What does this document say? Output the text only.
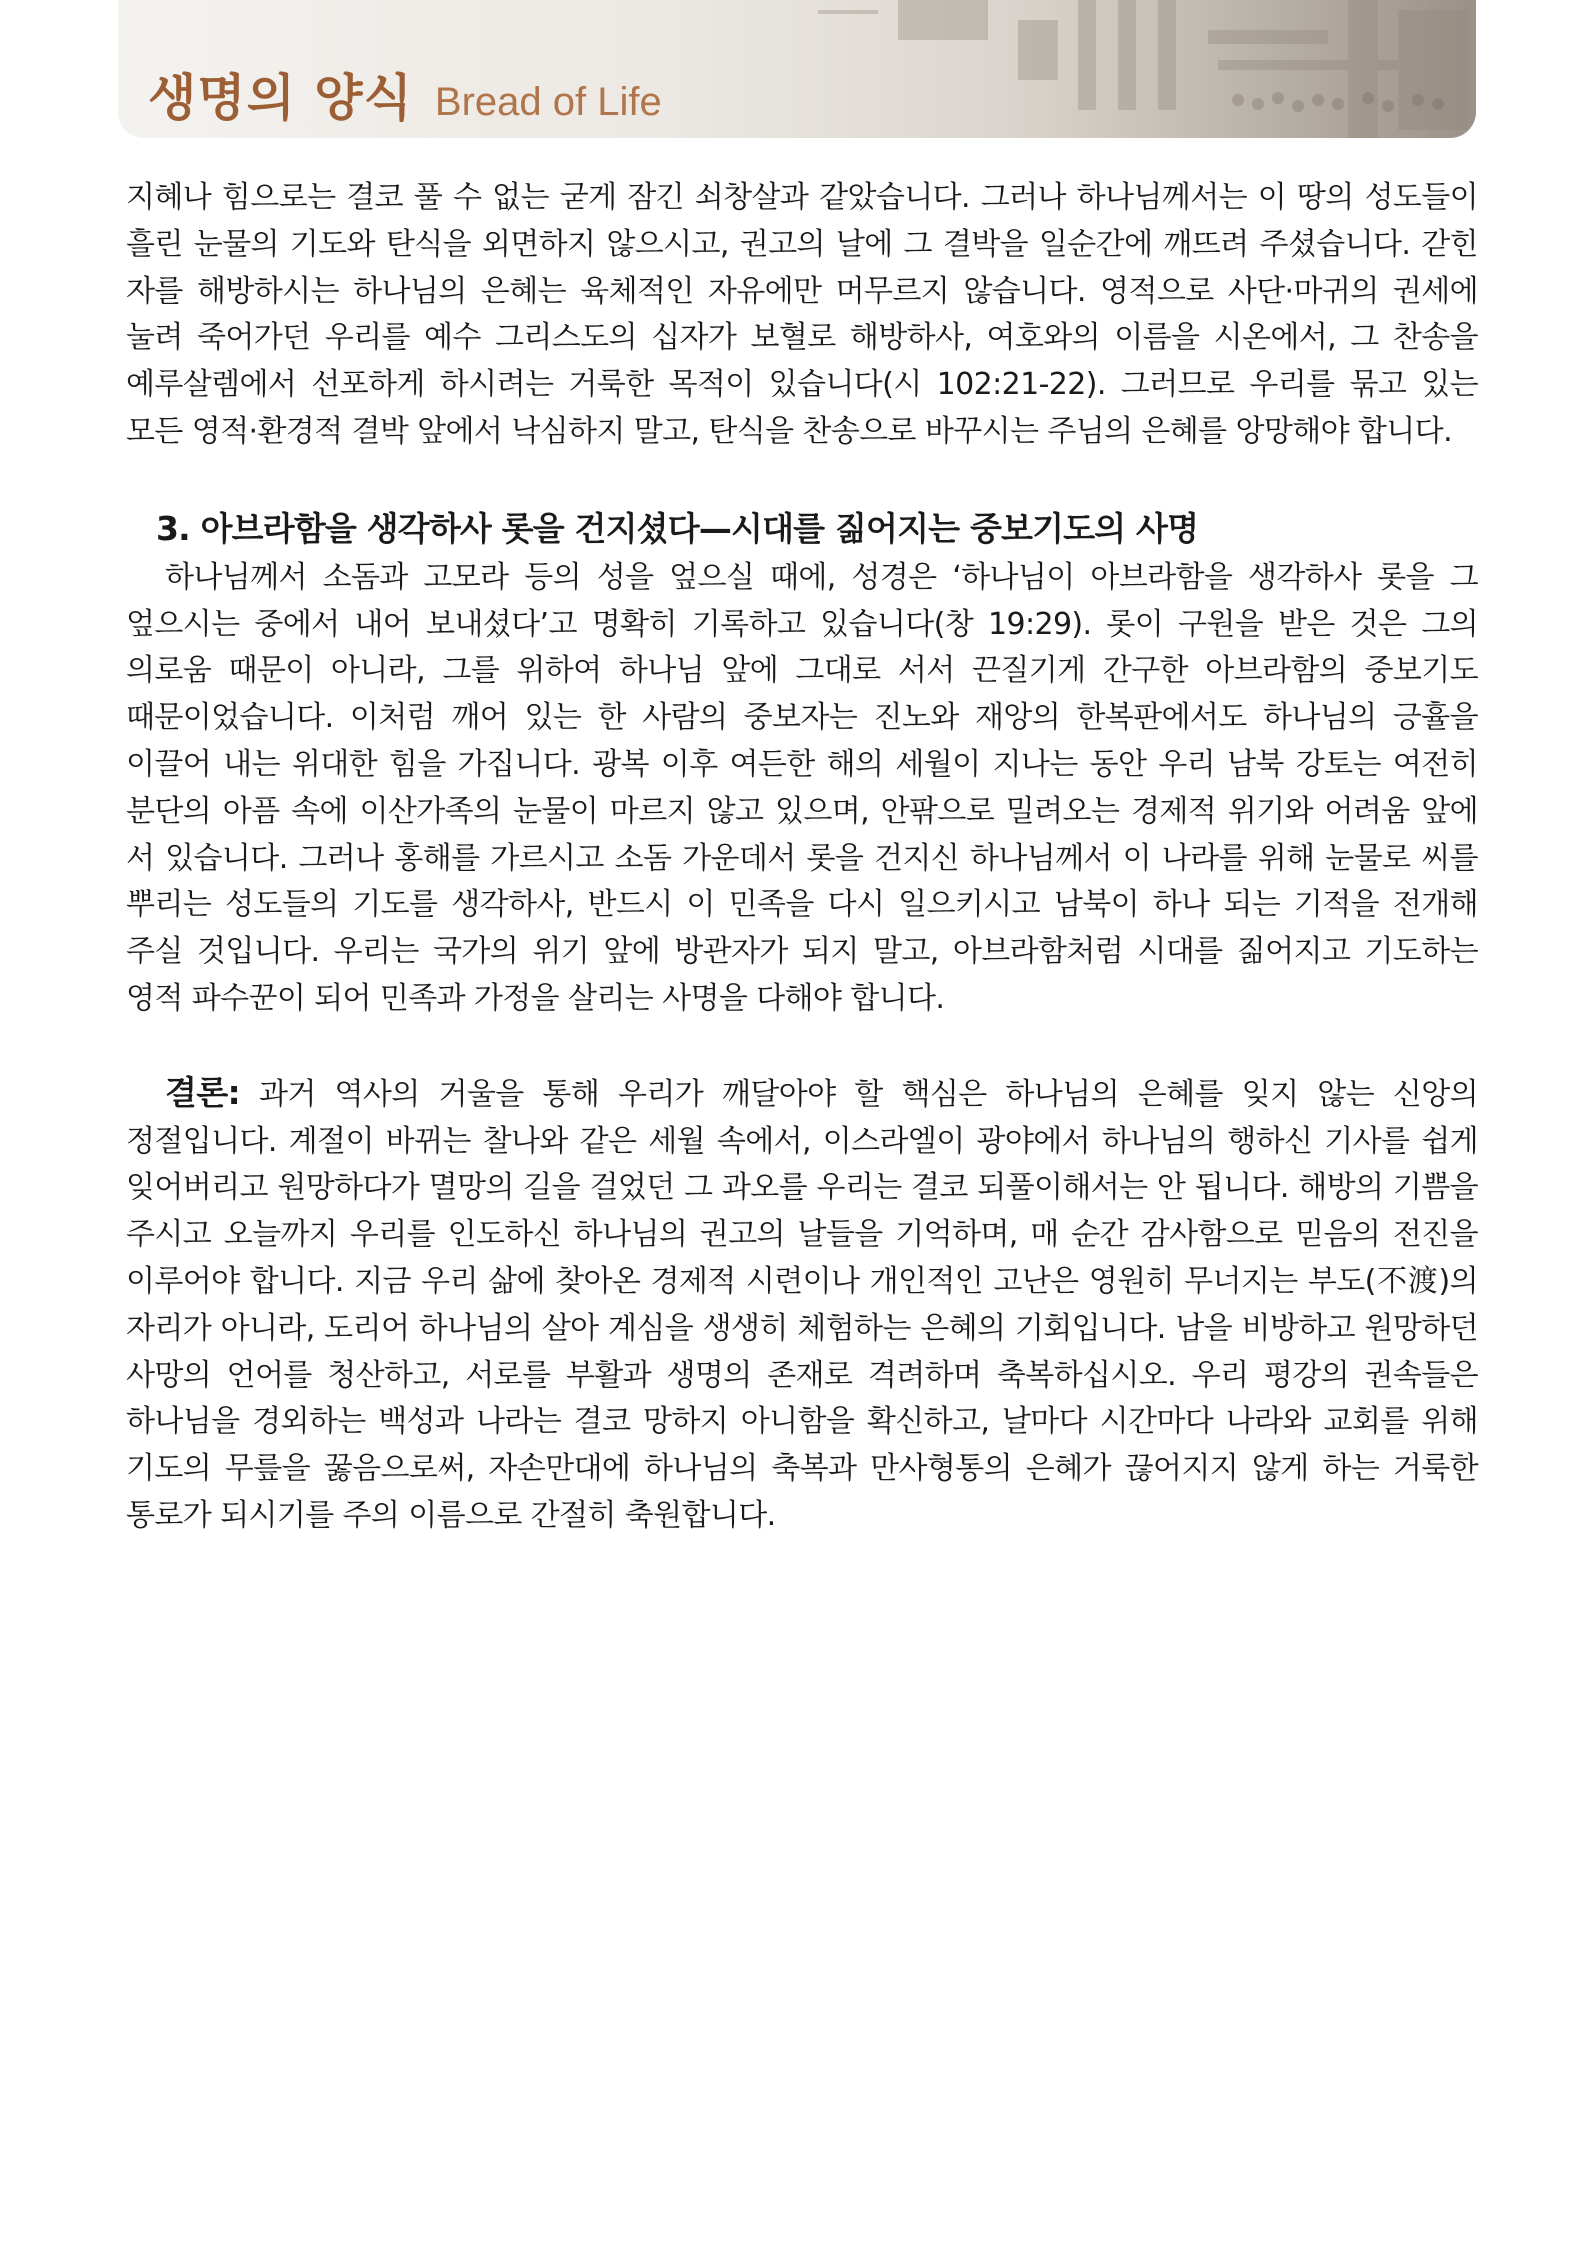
생명의 양식 Bread of Life

지혜나 힘으로는 결코 풀 수 없는 굳게 잠긴 쇠창살과 같았습니다. 그러나 하나님께서는 이 땅의 성도들이 흘린 눈물의 기도와 탄식을 외면하지 않으시고, 권고의 날에 그 결박을 일순간에 깨뜨려 주셨습니다. 갇힌 자를 해방하시는 하나님의 은혜는 육체적인 자유에만 머무르지 않습니다. 영적으로 사단·마귀의 권세에 눌려 죽어가던 우리를 예수 그리스도의 십자가 보혈로 해방하사, 여호와의 이름을 시온에서, 그 찬송을 예루살렘에서 선포하게 하시려는 거룩한 목적이 있습니다(시 102:21-22). 그러므로 우리를 묶고 있는 모든 영적·환경적 결박 앞에서 낙심하지 말고, 탄식을 찬송으로 바꾸시는 주님의 은혜를 앙망해야 합니다.

3. 아브라함을 생각하사 롯을 건지셨다—시대를 짊어지는 중보기도의 사명

하나님께서 소돔과 고모라 등의 성을 엎으실 때에, 성경은 ‘하나님이 아브라함을 생각하사 롯을 그 엎으시는 중에서 내어 보내셨다’고 명확히 기록하고 있습니다(창 19:29). 롯이 구원을 받은 것은 그의 의로움 때문이 아니라, 그를 위하여 하나님 앞에 그대로 서서 끈질기게 간구한 아브라함의 중보기도 때문이었습니다. 이처럼 깨어 있는 한 사람의 중보자는 진노와 재앙의 한복판에서도 하나님의 긍휼을 이끌어 내는 위대한 힘을 가집니다. 광복 이후 여든한 해의 세월이 지나는 동안 우리 남북 강토는 여전히 분단의 아픔 속에 이산가족의 눈물이 마르지 않고 있으며, 안팎으로 밀려오는 경제적 위기와 어려움 앞에 서 있습니다. 그러나 홍해를 가르시고 소돔 가운데서 롯을 건지신 하나님께서 이 나라를 위해 눈물로 씨를 뿌리는 성도들의 기도를 생각하사, 반드시 이 민족을 다시 일으키시고 남북이 하나 되는 기적을 전개해 주실 것입니다. 우리는 국가의 위기 앞에 방관자가 되지 말고, 아브라함처럼 시대를 짊어지고 기도하는 영적 파수꾼이 되어 민족과 가정을 살리는 사명을 다해야 합니다.

결론: 과거 역사의 거울을 통해 우리가 깨달아야 할 핵심은 하나님의 은혜를 잊지 않는 신앙의 정절입니다. 계절이 바뀌는 찰나와 같은 세월 속에서, 이스라엘이 광야에서 하나님의 행하신 기사를 쉽게 잊어버리고 원망하다가 멸망의 길을 걸었던 그 과오를 우리는 결코 되풀이해서는 안 됩니다. 해방의 기쁨을 주시고 오늘까지 우리를 인도하신 하나님의 권고의 날들을 기억하며, 매 순간 감사함으로 믿음의 전진을 이루어야 합니다. 지금 우리 삶에 찾아온 경제적 시련이나 개인적인 고난은 영원히 무너지는 부도(不渡)의 자리가 아니라, 도리어 하나님의 살아 계심을 생생히 체험하는 은혜의 기회입니다. 남을 비방하고 원망하던 사망의 언어를 청산하고, 서로를 부활과 생명의 존재로 격려하며 축복하십시오. 우리 평강의 권속들은 하나님을 경외하는 백성과 나라는 결코 망하지 아니함을 확신하고, 날마다 시간마다 나라와 교회를 위해 기도의 무릎을 꿇음으로써, 자손만대에 하나님의 축복과 만사형통의 은혜가 끊어지지 않게 하는 거룩한 통로가 되시기를 주의 이름으로 간절히 축원합니다.
